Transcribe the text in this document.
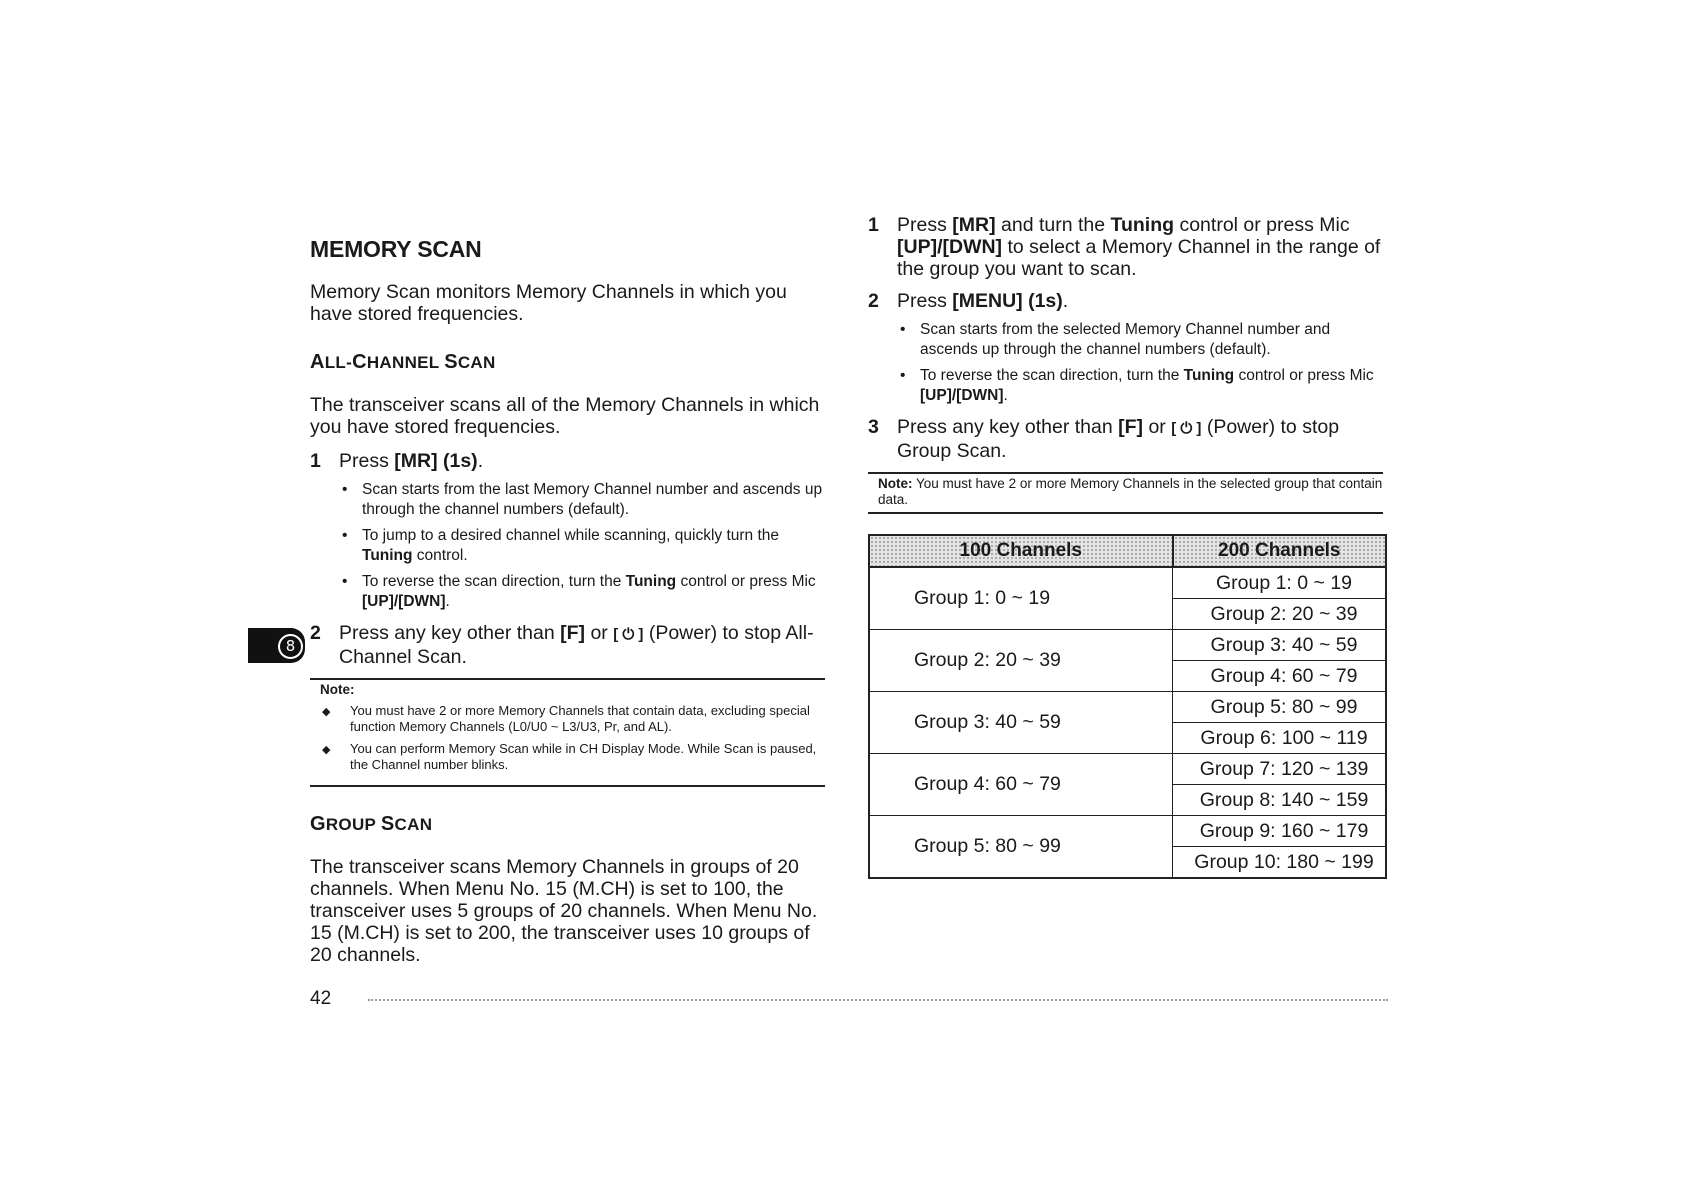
8
MEMORY SCAN

Memory Scan monitors Memory Channels in which you have stored frequencies.

ALL-CHANNEL SCAN

The transceiver scans all of the Memory Channels in which you have stored frequencies.

1 Press [MR] (1s).
• Scan starts from the last Memory Channel number and ascends up through the channel numbers (default).
• To jump to a desired channel while scanning, quickly turn the Tuning control.
• To reverse the scan direction, turn the Tuning control or press Mic [UP]/[DWN].
2 Press any key other than [F] or [ ⏻ ] (Power) to stop All-Channel Scan.
Note:
◆ You must have 2 or more Memory Channels that contain data, excluding special function Memory Channels (L0/U0 ~ L3/U3, Pr, and AL).
◆ You can perform Memory Scan while in CH Display Mode. While Scan is paused, the Channel number blinks.
GROUP SCAN

The transceiver scans Memory Channels in groups of 20 channels. When Menu No. 15 (M.CH) is set to 100, the transceiver uses 5 groups of 20 channels. When Menu No. 15 (M.CH) is set to 200, the transceiver uses 10 groups of 20 channels.

1 Press [MR] and turn the Tuning control or press Mic [UP]/[DWN] to select a Memory Channel in the range of the group you want to scan.
2 Press [MENU] (1s).
• Scan starts from the selected Memory Channel number and ascends up through the channel numbers (default).
• To reverse the scan direction, turn the Tuning control or press Mic [UP]/[DWN].
3 Press any key other than [F] or [ ⏻ ] (Power) to stop Group Scan.
Note: You must have 2 or more Memory Channels in the selected group that contain data.
100 Channels	200 Channels
Group 1: 0 ~ 19	Group 1: 0 ~ 19
	Group 2: 20 ~ 39
Group 2: 20 ~ 39	Group 3: 40 ~ 59
	Group 4: 60 ~ 79
Group 3: 40 ~ 59	Group 5: 80 ~ 99
	Group 6: 100 ~ 119
Group 4: 60 ~ 79	Group 7: 120 ~ 139
	Group 8: 140 ~ 159
Group 5: 80 ~ 99	Group 9: 160 ~ 179
	Group 10: 180 ~ 199
42
